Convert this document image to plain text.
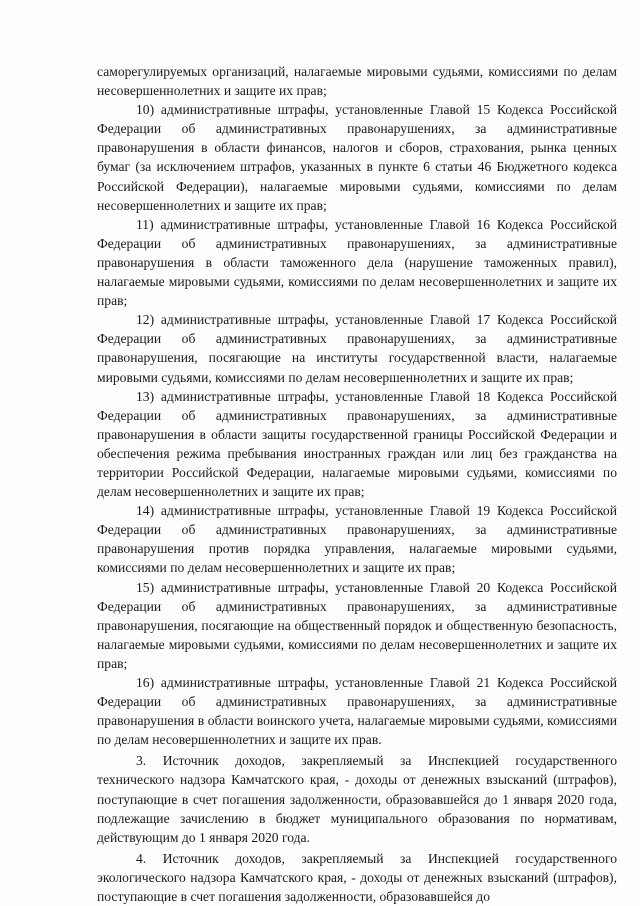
саморегулируемых организаций, налагаемые мировыми судьями, комиссиями по делам несовершеннолетних и защите их прав;

10) административные штрафы, установленные Главой 15 Кодекса Российской Федерации об административных правонарушениях, за административные правонарушения в области финансов, налогов и сборов, страхования, рынка ценных бумаг (за исключением штрафов, указанных в пункте 6 статьи 46 Бюджетного кодекса Российской Федерации), налагаемые мировыми судьями, комиссиями по делам несовершеннолетних и защите их прав;

11) административные штрафы, установленные Главой 16 Кодекса Российской Федерации об административных правонарушениях, за административные правонарушения в области таможенного дела (нарушение таможенных правил), налагаемые мировыми судьями, комиссиями по делам несовершеннолетних и защите их прав;

12) административные штрафы, установленные Главой 17 Кодекса Российской Федерации об административных правонарушениях, за административные правонарушения, посягающие на институты государственной власти, налагаемые мировыми судьями, комиссиями по делам несовершеннолетних и защите их прав;

13) административные штрафы, установленные Главой 18 Кодекса Российской Федерации об административных правонарушениях, за административные правонарушения в области защиты государственной границы Российской Федерации и обеспечения режима пребывания иностранных граждан или лиц без гражданства на территории Российской Федерации, налагаемые мировыми судьями, комиссиями по делам несовершеннолетних и защите их прав;

14) административные штрафы, установленные Главой 19 Кодекса Российской Федерации об административных правонарушениях, за административные правонарушения против порядка управления, налагаемые мировыми судьями, комиссиями по делам несовершеннолетних и защите их прав;

15) административные штрафы, установленные Главой 20 Кодекса Российской Федерации об административных правонарушениях, за административные правонарушения, посягающие на общественный порядок и общественную безопасность, налагаемые мировыми судьями, комиссиями по делам несовершеннолетних и защите их прав;

16) административные штрафы, установленные Главой 21 Кодекса Российской Федерации об административных правонарушениях, за административные правонарушения в области воинского учета, налагаемые мировыми судьями, комиссиями по делам несовершеннолетних и защите их прав.

3. Источник доходов, закрепляемый за Инспекцией государственного технического надзора Камчатского края, - доходы от денежных взысканий (штрафов), поступающие в счет погашения задолженности, образовавшейся до 1 января 2020 года, подлежащие зачислению в бюджет муниципального образования по нормативам, действующим до 1 января 2020 года.

4. Источник доходов, закрепляемый за Инспекцией государственного экологического надзора Камчатского края, - доходы от денежных взысканий (штрафов), поступающие в счет погашения задолженности, образовавшейся до
